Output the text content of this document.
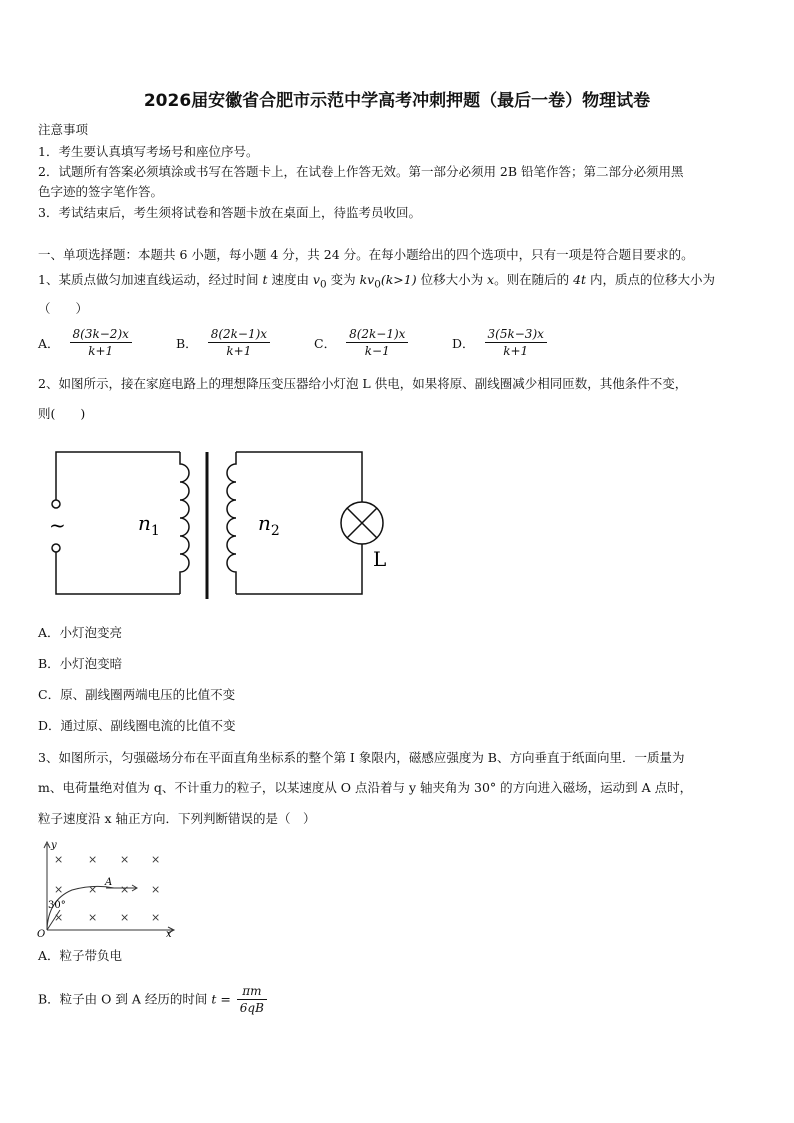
2026届安徽省合肥市示范中学高考冲刺押题（最后一卷）物理试卷
注意事项
1．考生要认真填写考场号和座位序号。
2．试题所有答案必须填涂或书写在答题卡上，在试卷上作答无效。第一部分必须用 2B 铅笔作答；第二部分必须用黑
色字迹的签字笔作答。
3．考试结束后，考生须将试卷和答题卡放在桌面上，待监考员收回。
一、单项选择题：本题共 6 小题，每小题 4 分，共 24 分。在每小题给出的四个选项中，只有一项是符合题目要求的。
1、某质点做匀加速直线运动，经过时间 t 速度由 $v_0$ 变为 $kv_0(k>1)$ 位移大小为 x。则在随后的 4t 内，质点的位移大小为
（　　）
A． $\frac{8(3k-2)x}{k+1}$	B． $\frac{8(2k-1)x}{k+1}$	C． $\frac{8(2k-1)x}{k-1}$	D． $\frac{3(5k-3)x}{k+1}$
2、如图所示，接在家庭电路上的理想降压变压器给小灯泡 L 供电，如果将原、副线圈减少相同匝数，其他条件不变，
则(　　)
~	$n_1$	$n_2$
L
A．小灯泡变亮
B．小灯泡变暗
C．原、副线圈两端电压的比值不变
D．通过原、副线圈电流的比值不变
3、如图所示，匀强磁场分布在平面直角坐标系的整个第 I 象限内，磁感应强度为 B、方向垂直于纸面向里．一质量为
m、电荷量绝对值为 q、不计重力的粒子，以某速度从 O 点沿着与 y 轴夹角为 30° 的方向进入磁场，运动到 A 点时，
粒子速度沿 x 轴正方向．下列判断错误的是（　）
× × × ×
× × × ×
× × × ×
y
x
O
A
30°
A．粒子带负电
B．粒子由 O 到 A 经历的时间 $t = \frac{\pi m}{6qB}$
